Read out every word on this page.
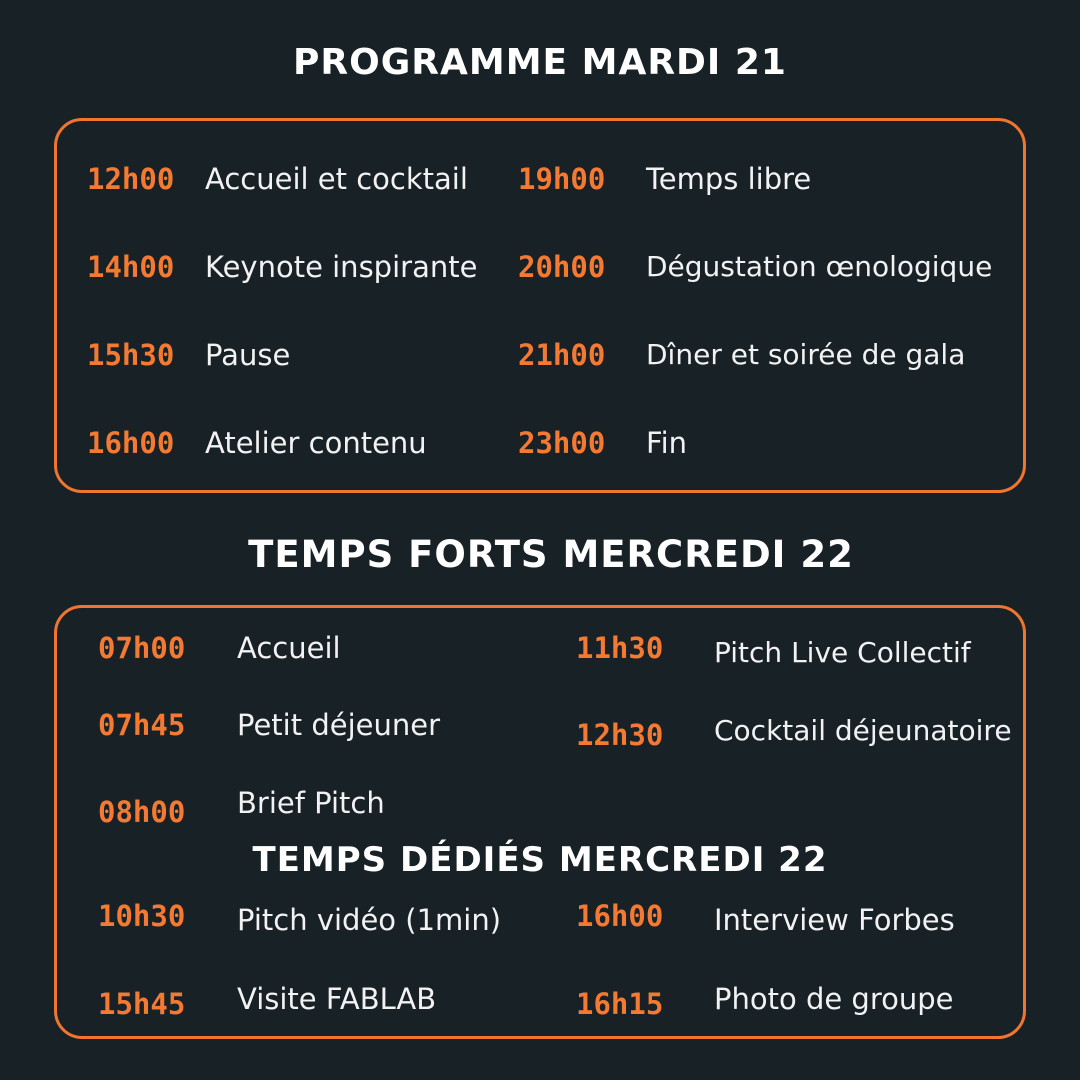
PROGRAMME MARDI 21
12h00 Accueil et cocktail
14h00 Keynote inspirante
15h30 Pause
16h00 Atelier contenu
19h00 Temps libre
20h00 Dégustation œnologique
21h00 Dîner et soirée de gala
23h00 Fin
TEMPS FORTS MERCREDI 22
07h00 Accueil
07h45 Petit déjeuner
08h00 Brief Pitch
11h30 Pitch Live Collectif
12h30 Cocktail déjeunatoire
TEMPS DÉDIÉS MERCREDI 22
10h30 Pitch vidéo (1min)
15h45 Visite FABLAB
16h00 Interview Forbes
16h15 Photo de groupe
